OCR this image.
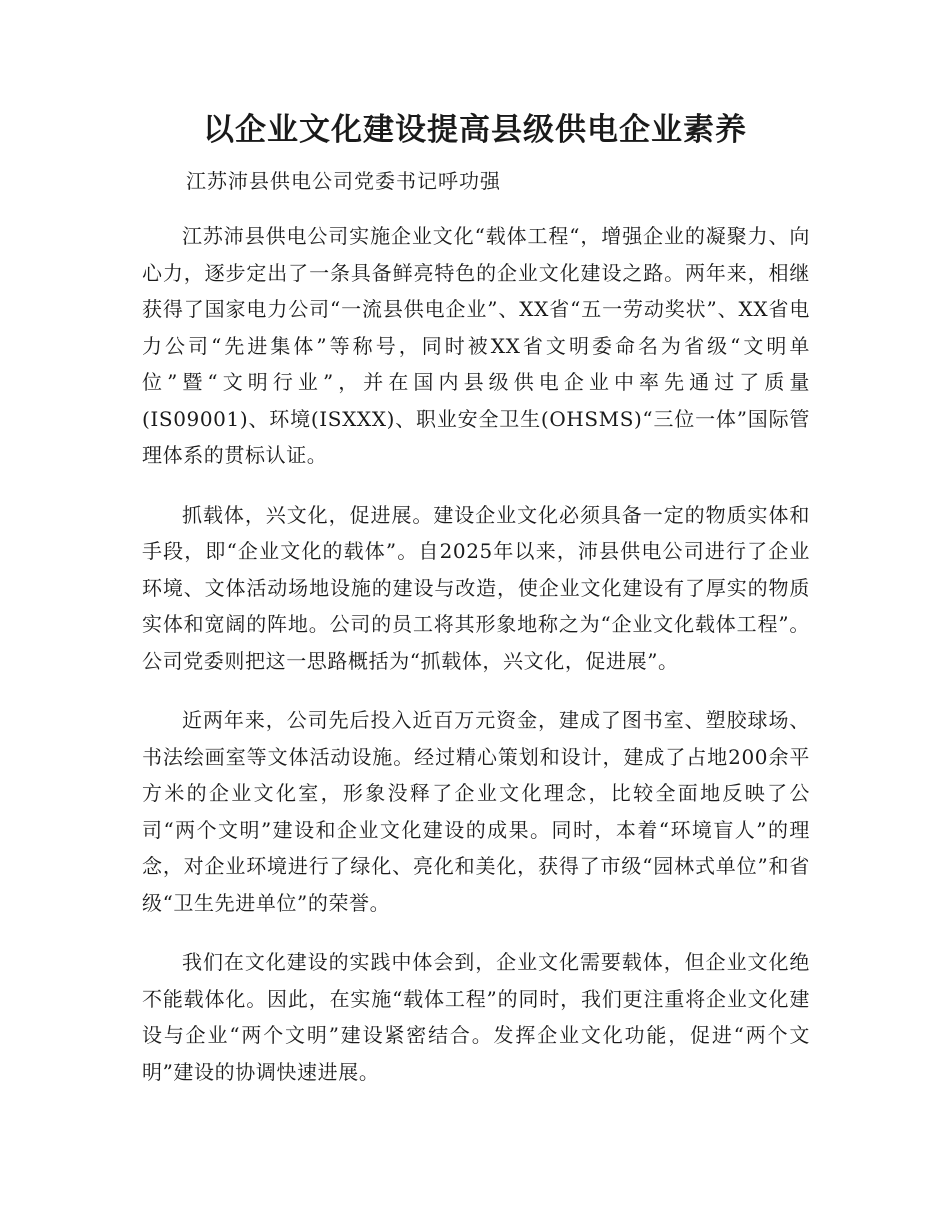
以企业文化建设提高县级供电企业素养

江苏沛县供电公司党委书记呼功强

江苏沛县供电公司实施企业文化“载体工程“，增强企业的凝聚力、向心力，逐步定出了一条具备鲜亮特色的企业文化建设之路。两年来，相继获得了国家电力公司“一流县供电企业”、XX省“五一劳动奖状”、XX省电力公司“先进集体”等称号，同时被XX省文明委命名为省级“文明单位”暨“文明行业”，并在国内县级供电企业中率先通过了质量(IS09001)、环境(ISXXX)、职业安全卫生(OHSMS)“三位一体”国际管理体系的贯标认证。

抓载体，兴文化，促进展。建设企业文化必须具备一定的物质实体和手段，即“企业文化的载体”。自2025年以来，沛县供电公司进行了企业环境、文体活动场地设施的建设与改造，使企业文化建设有了厚实的物质实体和宽阔的阵地。公司的员工将其形象地称之为“企业文化载体工程”。公司党委则把这一思路概括为“抓载体，兴文化，促进展”。

近两年来，公司先后投入近百万元资金，建成了图书室、塑胶球场、书法绘画室等文体活动设施。经过精心策划和设计，建成了占地200余平方米的企业文化室，形象没释了企业文化理念，比较全面地反映了公司“两个文明”建设和企业文化建设的成果。同时，本着“环境盲人”的理念，对企业环境进行了绿化、亮化和美化，获得了市级“园林式单位”和省级“卫生先进单位”的荣誉。

我们在文化建设的实践中体会到，企业文化需要载体，但企业文化绝不能载体化。因此，在实施“载体工程”的同时，我们更注重将企业文化建设与企业“两个文明”建设紧密结合。发挥企业文化功能，促进“两个文明”建设的协调快速进展。
